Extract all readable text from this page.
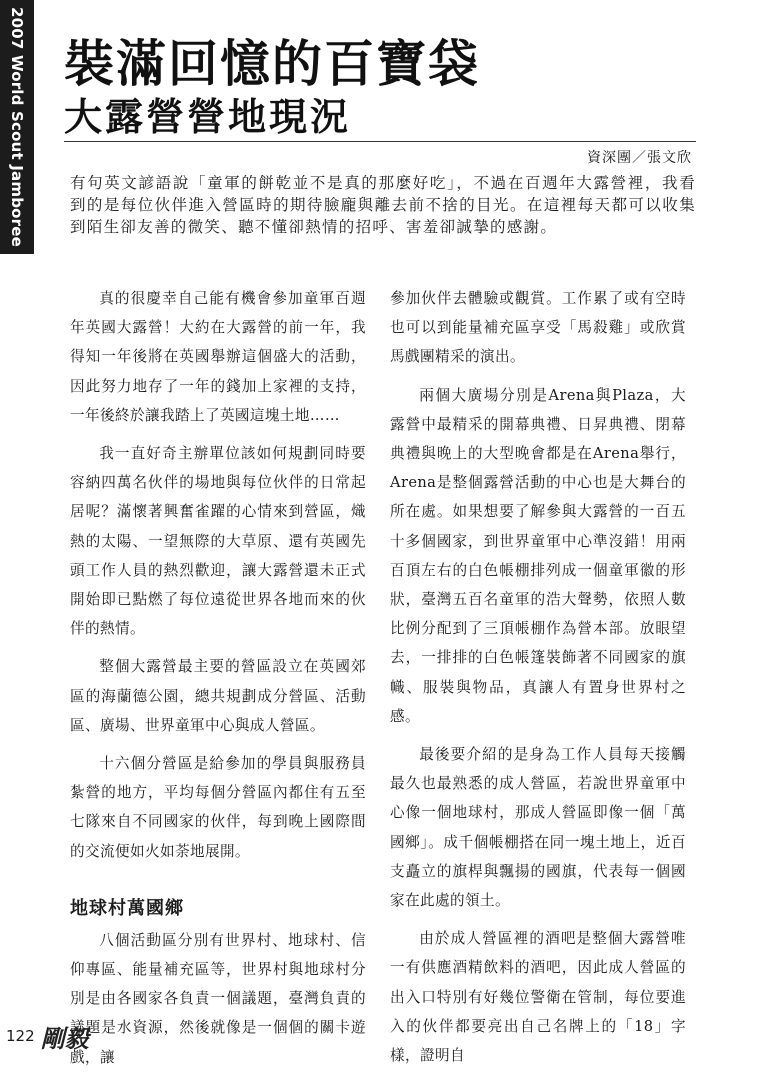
2007 World Scout Jamboree 裝滿回憶的百寶袋
大露營營地現況
資深團／張文欣
有句英文諺語說「童軍的餅乾並不是真的那麼好吃」，不過在百週年大露營裡，我看到的是每位伙伴進入營區時的期待臉龐與離去前不捨的目光。在這裡每天都可以收集到陌生卻友善的微笑、聽不懂卻熱情的招呼、害羞卻誠摯的感謝。

真的很慶幸自己能有機會參加童軍百週年英國大露營！大約在大露營的前一年，我得知一年後將在英國舉辦這個盛大的活動，因此努力地存了一年的錢加上家裡的支持，一年後終於讓我踏上了英國這塊土地……

我一直好奇主辦單位該如何規劃同時要容納四萬名伙伴的場地與每位伙伴的日常起居呢？滿懷著興奮雀躍的心情來到營區，熾熱的太陽、一望無際的大草原、還有英國先頭工作人員的熱烈歡迎，讓大露營還未正式開始即已點燃了每位遠從世界各地而來的伙伴的熱情。

整個大露營最主要的營區設立在英國郊區的海蘭德公園，總共規劃成分營區、活動區、廣場、世界童軍中心與成人營區。

十六個分營區是給參加的學員與服務員紮營的地方，平均每個分營區內都住有五至七隊來自不同國家的伙伴，每到晚上國際間的交流便如火如荼地展開。

地球村萬國鄉

八個活動區分別有世界村、地球村、信仰專區、能量補充區等，世界村與地球村分別是由各國家各負責一個議題，臺灣負責的議題是水資源，然後就像是一個個的關卡遊戲，讓

參加伙伴去體驗或觀賞。工作累了或有空時也可以到能量補充區享受「馬殺雞」或欣賞馬戲團精采的演出。

兩個大廣場分別是Arena與Plaza，大露營中最精采的開幕典禮、日昇典禮、閉幕典禮與晚上的大型晚會都是在Arena舉行，Arena是整個露營活動的中心也是大舞台的所在處。如果想要了解參與大露營的一百五十多個國家，到世界童軍中心準沒錯！用兩百頂左右的白色帳棚排列成一個童軍徽的形狀，臺灣五百名童軍的浩大聲勢，依照人數比例分配到了三頂帳棚作為營本部。放眼望去，一排排的白色帳篷裝飾著不同國家的旗幟、服裝與物品，真讓人有置身世界村之感。

最後要介紹的是身為工作人員每天接觸最久也最熟悉的成人營區，若說世界童軍中心像一個地球村，那成人營區即像一個「萬國鄉」。成千個帳棚搭在同一塊土地上，近百支矗立的旗桿與飄揚的國旗，代表每一個國家在此處的領土。

由於成人營區裡的酒吧是整個大露營唯一有供應酒精飲料的酒吧，因此成人營區的出入口特別有好幾位警衛在管制，每位要進入的伙伴都要亮出自己名牌上的「18」字樣，證明自

122 剛毅
